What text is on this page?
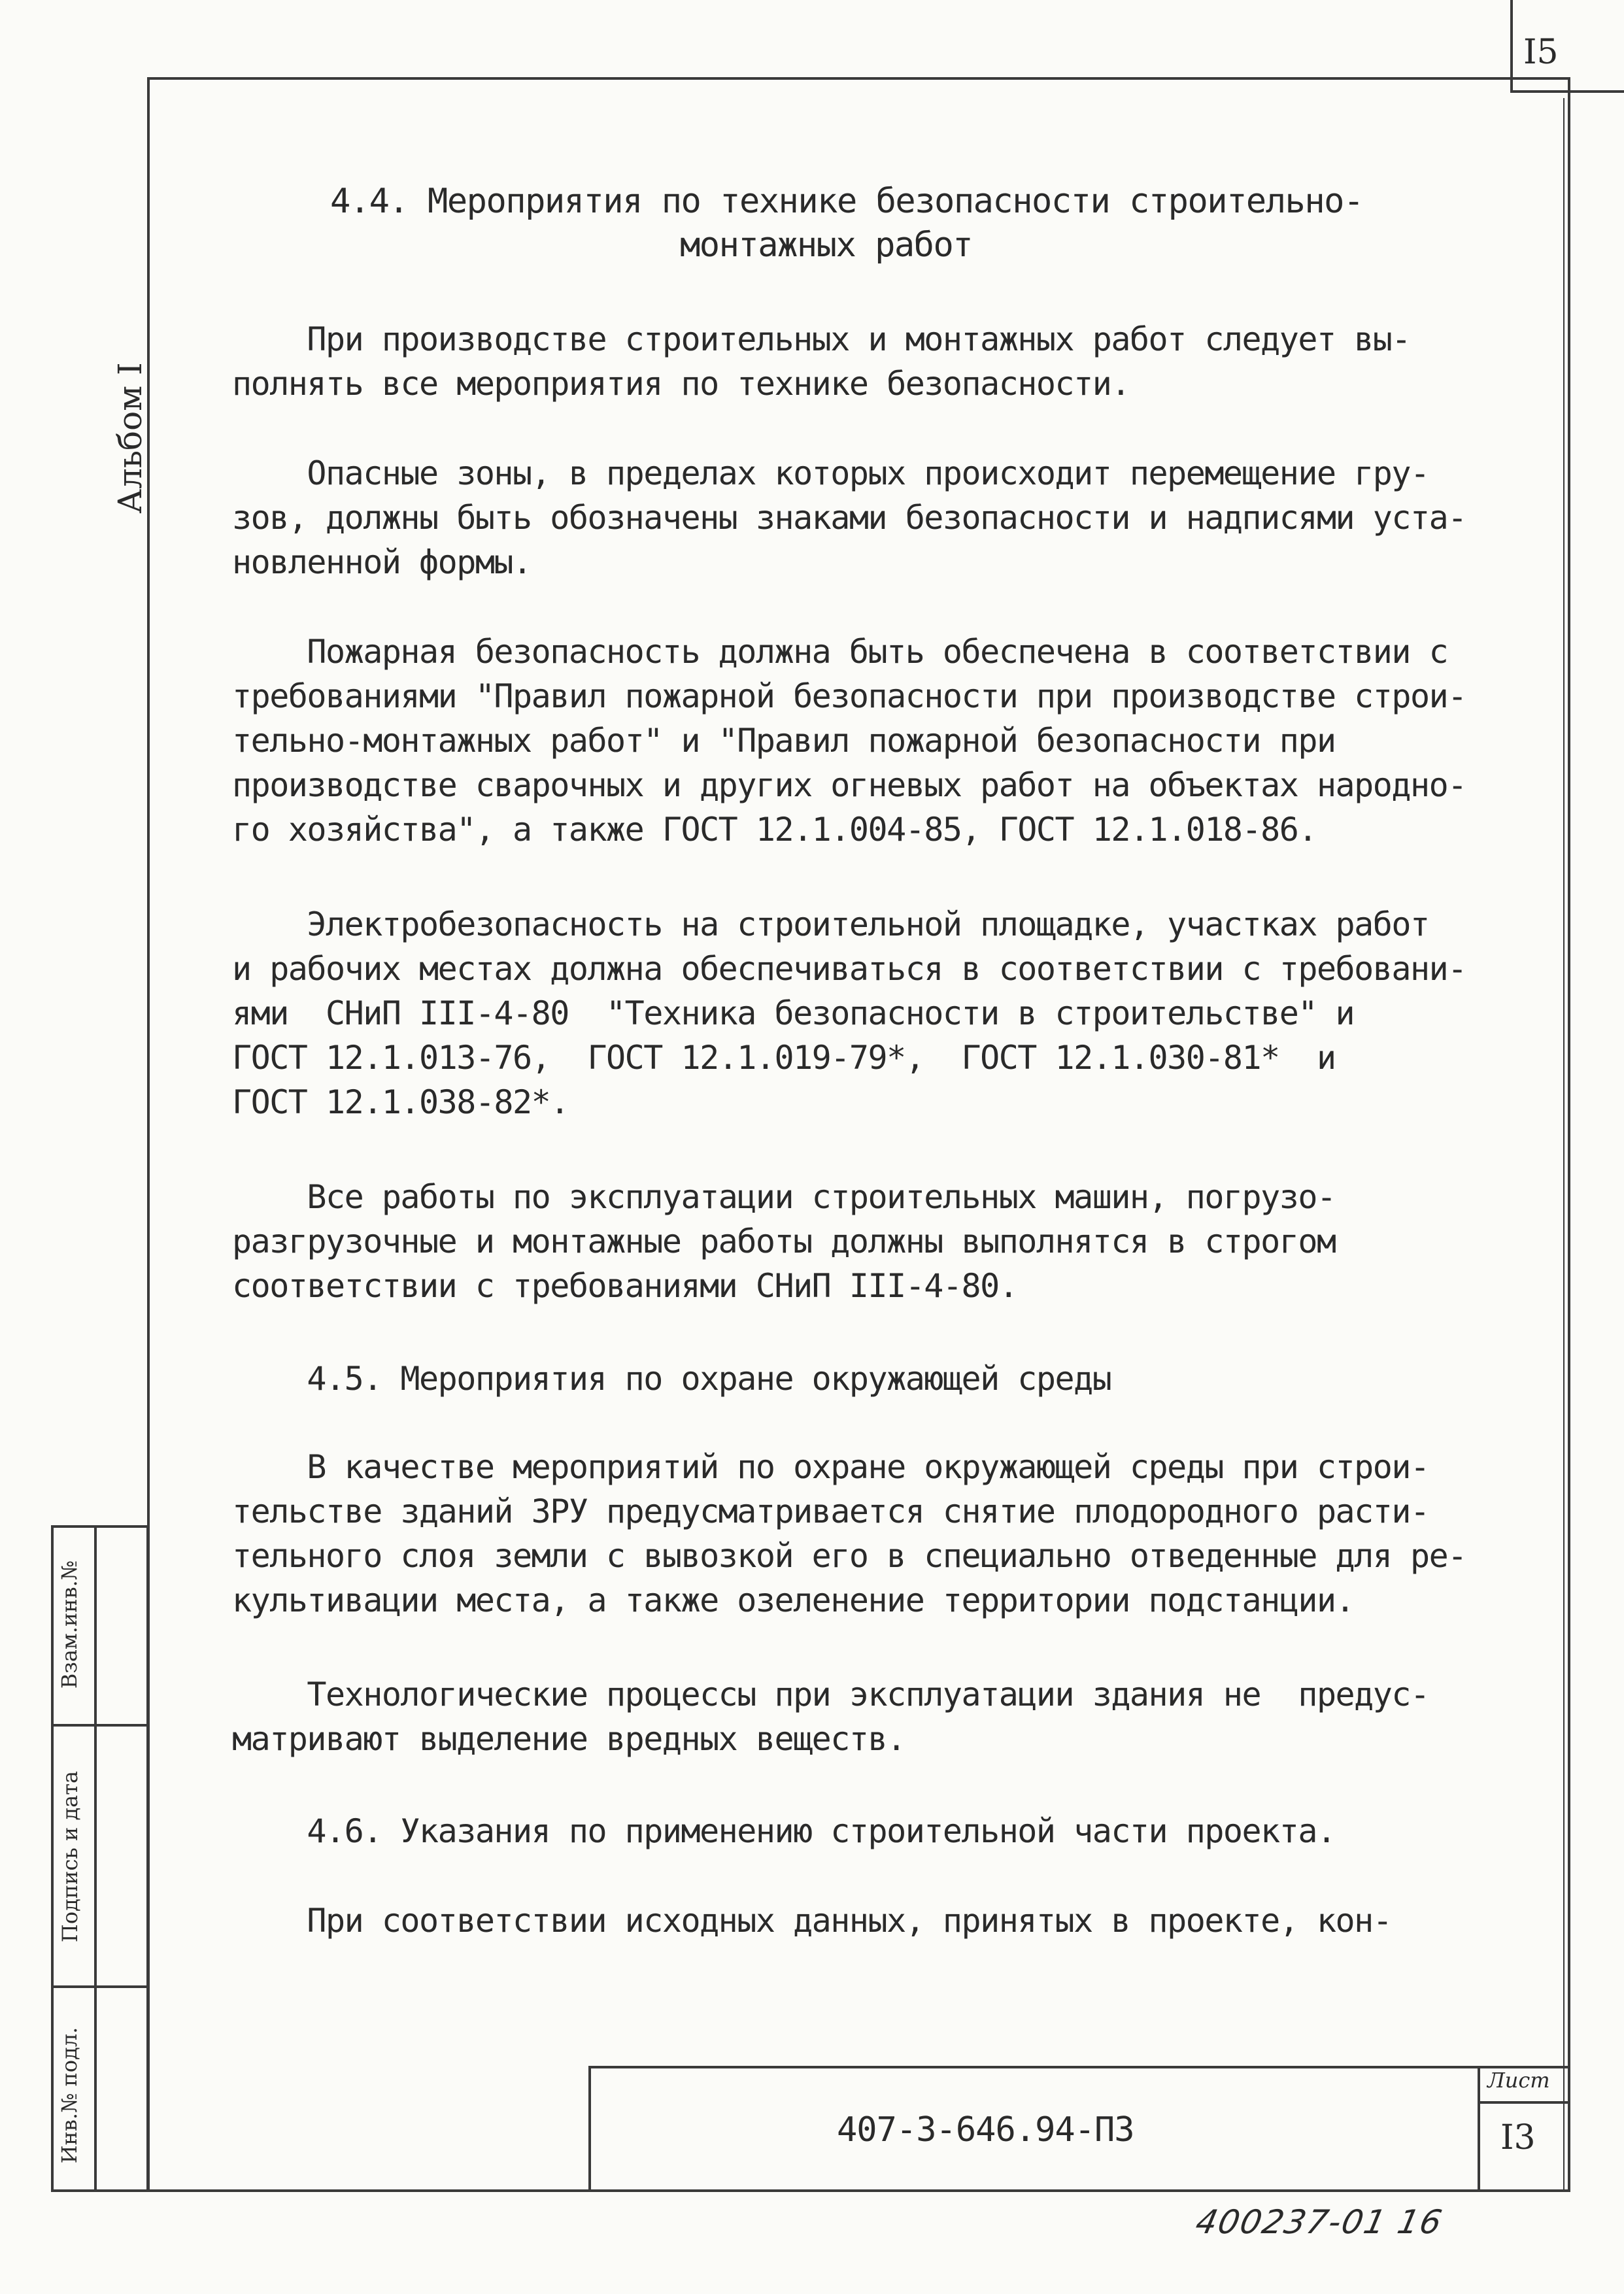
I5
Альбом I
Взам.инв.№
Подпись и дата
Инв.№ подл.
4.4. Мероприятия по технике безопасности строительно-
монтажных работ
При производстве строительных и монтажных работ следует вы-
полнять все мероприятия по технике безопасности.
Опасные зоны, в пределах которых происходит перемещение гру-
зов, должны быть обозначены знаками безопасности и надписями уста-
новленной формы.
Пожарная безопасность должна быть обеспечена в соответствии с
требованиями "Правил пожарной безопасности при производстве строи-
тельно-монтажных работ" и "Правил пожарной безопасности при
производстве сварочных и других огневых работ на объектах народно-
го хозяйства", а также ГОСТ 12.1.004-85, ГОСТ 12.1.018-86.
Электробезопасность на строительной площадке, участках работ
и рабочих местах должна обеспечиваться в соответствии с требовани-
ями  СНиП III-4-80  "Техника безопасности в строительстве" и
ГОСТ 12.1.013-76,  ГОСТ 12.1.019-79*,  ГОСТ 12.1.030-81*  и
ГОСТ 12.1.038-82*.
Все работы по эксплуатации строительных машин, погрузо-
разгрузочные и монтажные работы должны выполнятся в строгом
соответствии с требованиями СНиП III-4-80.
4.5. Мероприятия по охране окружающей среды
В качестве мероприятий по охране окружающей среды при строи-
тельстве зданий ЗРУ предусматривается снятие плодородного расти-
тельного слоя земли с вывозкой его в специально отведенные для ре-
культивации места, а также озеленение территории подстанции.
Технологические процессы при эксплуатации здания не  предус-
матривают выделение вредных веществ.
4.6. Указания по применению строительной части проекта.
При соответствии исходных данных, принятых в проекте, кон-
407-3-646.94-ПЗ
Лист
I3
400237-01 16
